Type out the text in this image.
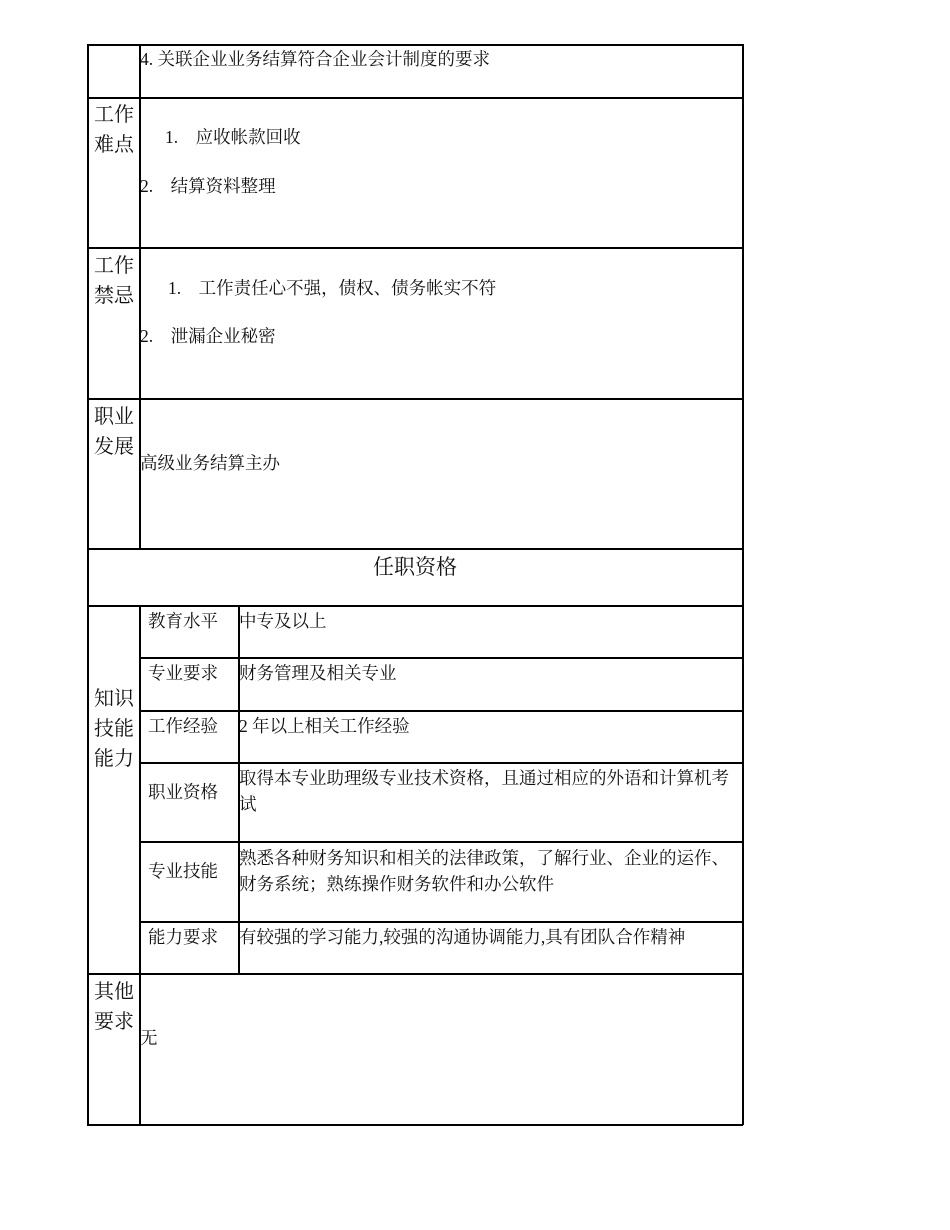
4. 关联企业业务结算符合企业会计制度的要求
工作难点 1.　应收帐款回收
2.　结算资料整理
工作禁忌 1.　工作责任心不强，债权、债务帐实不符
2.　泄漏企业秘密
职业发展
高级业务结算主办
任职资格
知识技能能力
教育水平 中专及以上
专业要求 财务管理及相关专业
工作经验 2 年以上相关工作经验
职业资格
取得本专业助理级专业技术资格，且通过相应的外语和计算机考试
专业技能
熟悉各种财务知识和相关的法律政策，了解行业、企业的运作、财务系统；熟练操作财务软件和办公软件
能力要求 有较强的学习能力,较强的沟通协调能力,具有团队合作精神
其他要求
无
